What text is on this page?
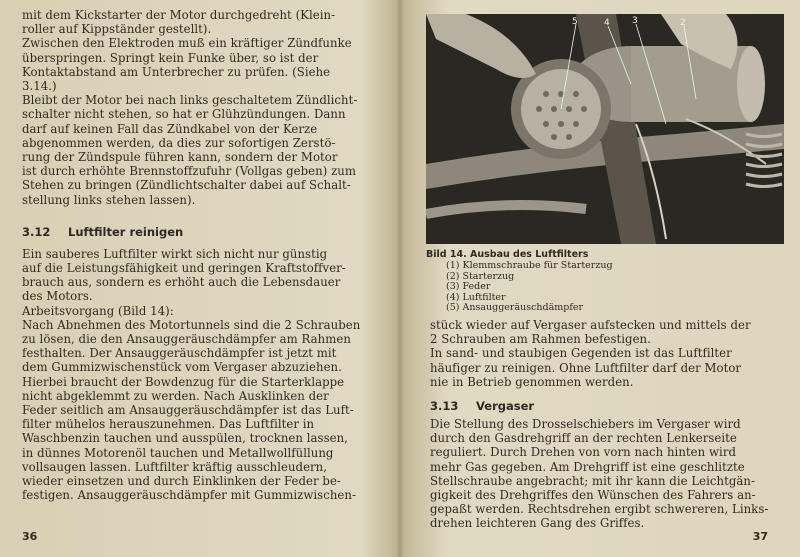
mit dem Kickstarter der Motor durchgedreht (Klein-
roller auf Kippständer gestellt).
Zwischen den Elektroden muß ein kräftiger Zündfunke
überspringen. Springt kein Funke über, so ist der
Kontaktabstand am Unterbrecher zu prüfen. (Siehe
3.14.)
Bleibt der Motor bei nach links geschaltetem Zündlicht-
schalter nicht stehen, so hat er Glühzündungen. Dann
darf auf keinen Fall das Zündkabel von der Kerze
abgenommen werden, da dies zur sofortigen Zerstö-
rung der Zündspule führen kann, sondern der Motor
ist durch erhöhte Brennstoffzufuhr (Vollgas geben) zum
Stehen zu bringen (Zündlichtschalter dabei auf Schalt-
stellung links stehen lassen).
3.12 Luftfilter reinigen
Ein sauberes Luftfilter wirkt sich nicht nur günstig
auf die Leistungsfähigkeit und geringen Kraftstoffver-
brauch aus, sondern es erhöht auch die Lebensdauer
des Motors.
Arbeitsvorgang (Bild 14):
Nach Abnehmen des Motortunnels sind die 2 Schrauben
zu lösen, die den Ansauggeräuschdämpfer am Rahmen
festhalten. Der Ansauggeräuschdämpfer ist jetzt mit
dem Gummizwischenstück vom Vergaser abzuziehen.
Hierbei braucht der Bowdenzug für die Starterklappe
nicht abgeklemmt zu werden. Nach Ausklinken der
Feder seitlich am Ansauggeräuschdämpfer ist das Luft-
filter mühelos herauszunehmen. Das Luftfilter in
Waschbenzin tauchen und ausspülen, trocknen lassen,
in dünnes Motorenöl tauchen und Metallwollfüllung
vollsaugen lassen. Luftfilter kräftig ausschleudern,
wieder einsetzen und durch Einklinken der Feder be-
festigen. Ansauggeräuschdämpfer mit Gummizwischen-
36
5	4 3	2
Bild 14. Ausbau des Luftfilters
(1) Klemmschraube für Starterzug
(2) Starterzug
(3) Feder
(4) Luftfilter
(5) Ansauggeräuschdämpfer
stück wieder auf Vergaser aufstecken und mittels der
2 Schrauben am Rahmen befestigen.
In sand- und staubigen Gegenden ist das Luftfilter
häufiger zu reinigen. Ohne Luftfilter darf der Motor
nie in Betrieb genommen werden.
3.13 Vergaser
Die Stellung des Drosselschiebers im Vergaser wird
durch den Gasdrehgriff an der rechten Lenkerseite
reguliert. Durch Drehen von vorn nach hinten wird
mehr Gas gegeben. Am Drehgriff ist eine geschlitzte
Stellschraube angebracht; mit ihr kann die Leichtgän-
gigkeit des Drehgriffes den Wünschen des Fahrers an-
gepaßt werden. Rechtsdrehen ergibt schwereren, Links-
drehen leichteren Gang des Griffes.
37
